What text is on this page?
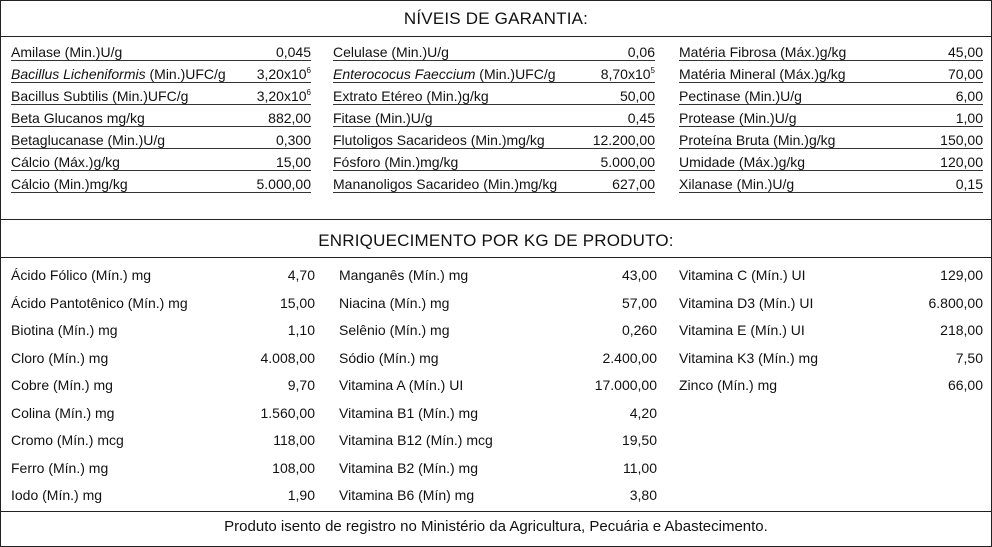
NÍVEIS DE GARANTIA:
Amilase (Min.)U/g	0,045
Bacillus Licheniformis (Min.)UFC/g $3,20x10^6$
Bacillus Subtilis (Min.)UFC/g	$3,20x10^6$
Beta Glucanos mg/kg	882,00
Betaglucanase (Min.)U/g	0,300
Cálcio (Máx.)g/kg	15,00
Cálcio (Min.)mg/kg	5.000,00
Celulase (Min.)U/g	0,06
Enterococus Faeccium (Min.)UFC/g	$8,70x10^5$
Extrato Etéreo (Min.)g/kg	50,00
Fitase (Min.)U/g	0,45
Flutoligos Sacarideos (Min.)mg/kg	12.200,00
Fósforo (Min.)mg/kg	5.000,00
Mananoligos Sacarideo (Min.)mg/kg	627,00
Matéria Fibrosa (Máx.)g/kg	45,00
Matéria Mineral (Máx.)g/kg	70,00
Pectinase (Min.)U/g	6,00
Protease (Min.)U/g	1,00
Proteína Bruta (Min.)g/kg	150,00
Umidade (Máx.)g/kg	120,00
Xilanase (Min.)U/g	0,15
ENRIQUECIMENTO POR KG DE PRODUTO:
Ácido Fólico (Mín.) mg	4,70
Ácido Pantotênico (Mín.) mg	15,00
Biotina (Mín.) mg	1,10
Cloro (Mín.) mg	4.008,00
Cobre (Mín.) mg	9,70
Colina (Mín.) mg	1.560,00
Cromo (Mín.) mcg	118,00
Ferro (Mín.) mg	108,00
Iodo (Mín.) mg	1,90
Manganês (Mín.) mg	43,00
Niacina (Mín.) mg	57,00
Selênio (Mín.) mg	0,260
Sódio (Mín.) mg	2.400,00
Vitamina A (Mín.) UI	17.000,00
Vitamina B1 (Mín.) mg	4,20
Vitamina B12 (Mín.) mcg	19,50
Vitamina B2 (Mín.) mg	11,00
Vitamina B6 (Mín) mg	3,80
Vitamina C (Mín.) UI	129,00
Vitamina D3 (Mín.) UI	6.800,00
Vitamina E (Mín.) UI	218,00
Vitamina K3 (Mín.) mg	7,50
Zinco (Mín.) mg	66,00
Produto isento de registro no Ministério da Agricultura, Pecuária e Abastecimento.
